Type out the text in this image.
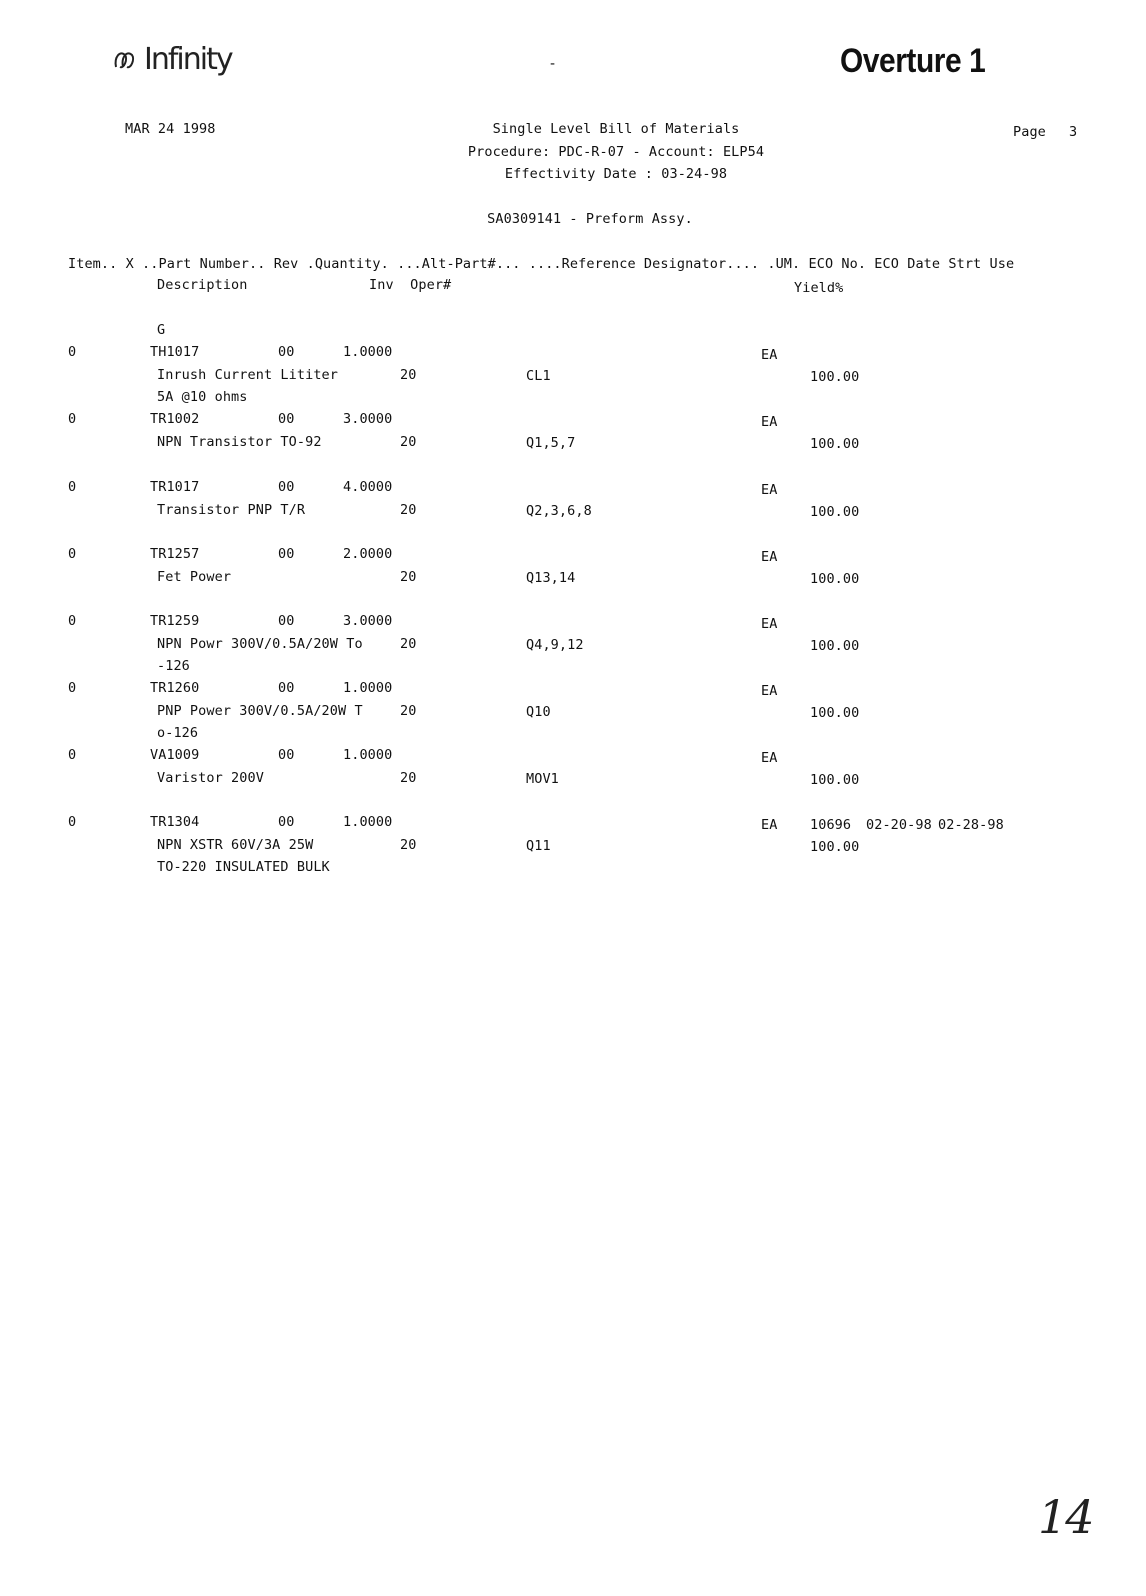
Infinity	Overture 1
-
MAR 24 1998	Single Level Bill of Materials
Procedure: PDC-R-07 - Account: ELP54
Effectivity Date : 03-24-98
Page 3
SA0309141 - Preform Assy.
Item.. X ..Part Number.. Rev .Quantity. ...Alt-Part#... ....Reference Designator.... .UM. ECO No. ECO Date Strt Use
Description	Inv  Oper#	Yield%
G
0	TH1017	00	1.0000	EA
Inrush Current Lititer	20	CL1	100.00
5A @10 ohms
0	TR1002	00	3.0000	EA
NPN Transistor TO-92	20	Q1,5,7	100.00
0	TR1017	00	4.0000	EA
Transistor PNP T/R	20	Q2,3,6,8	100.00
0	TR1257	00	2.0000	EA
Fet Power	20	Q13,14	100.00
0	TR1259	00	3.0000	EA
NPN Powr 300V/0.5A/20W To	20	Q4,9,12	100.00
-126
0	TR1260	00	1.0000	EA
PNP Power 300V/0.5A/20W T	20	Q10	100.00
o-126
0	VA1009	00	1.0000	EA
Varistor 200V	20	MOV1	100.00
0	TR1304	00	1.0000	EA 10696 02-20-98 02-28-98
NPN XSTR 60V/3A 25W	20	Q11	100.00
TO-220 INSULATED BULK
14
